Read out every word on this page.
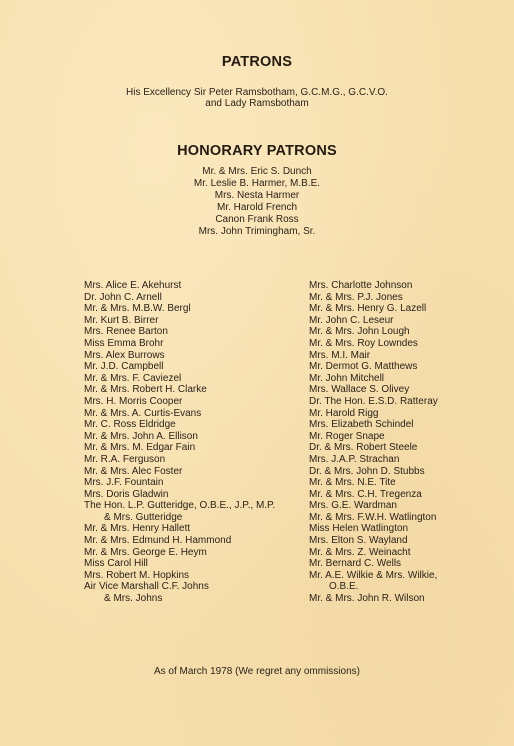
PATRONS
His Excellency Sir Peter Ramsbotham, G.C.M.G., G.C.V.O.
and Lady Ramsbotham
HONORARY PATRONS
Mr. & Mrs. Eric S. Dunch
Mr. Leslie B. Harmer, M.B.E.
Mrs. Nesta Harmer
Mr. Harold French
Canon Frank Ross
Mrs. John Trimingham, Sr.
Mrs. Alice E. Akehurst
Dr. John C. Arnell
Mr. & Mrs. M.B.W. Bergl
Mr. Kurt B. Birrer
Mrs. Renee Barton
Miss Emma Brohr
Mrs. Alex Burrows
Mr. J.D. Campbell
Mr. & Mrs. F. Caviezel
Mr. & Mrs. Robert H. Clarke
Mrs. H. Morris Cooper
Mr. & Mrs. A. Curtis-Evans
Mr. C. Ross Eldridge
Mr. & Mrs. John A. Ellison
Mr. & Mrs. M. Edgar Fain
Mr. R.A. Ferguson
Mr. & Mrs. Alec Foster
Mrs. J.F. Fountain
Mrs. Doris Gladwin
The Hon. L.P. Gutteridge, O.B.E., J.P., M.P.
& Mrs. Gutteridge
Mr. & Mrs. Henry Hallett
Mr. & Mrs. Edmund H. Hammond
Mr. & Mrs. George E. Heym
Miss Carol Hill
Mrs. Robert M. Hopkins
Air Vice Marshall C.F. Johns
& Mrs. Johns
Mrs. Charlotte Johnson
Mr. & Mrs. P.J. Jones
Mr. & Mrs. Henry G. Lazell
Mr. John C. Leseur
Mr. & Mrs. John Lough
Mr. & Mrs. Roy Lowndes
Mrs. M.I. Mair
Mr. Dermot G. Matthews
Mr. John Mitchell
Mrs. Wallace S. Olivey
Dr. The Hon. E.S.D. Ratteray
Mr. Harold Rigg
Mrs. Elizabeth Schindel
Mr. Roger Snape
Dr. & Mrs. Robert Steele
Mrs. J.A.P. Strachan
Dr. & Mrs. John D. Stubbs
Mr. & Mrs. N.E. Tite
Mr. & Mrs. C.H. Tregenza
Mrs. G.E. Wardman
Mr. & Mrs. F.W.H. Watlington
Miss Helen Watlington
Mrs. Elton S. Wayland
Mr. & Mrs. Z. Weinacht
Mr. Bernard C. Wells
Mr. A.E. Wilkie & Mrs. Wilkie,
O.B.E.
Mr. & Mrs. John R. Wilson
As of March 1978 (We regret any ommissions)
